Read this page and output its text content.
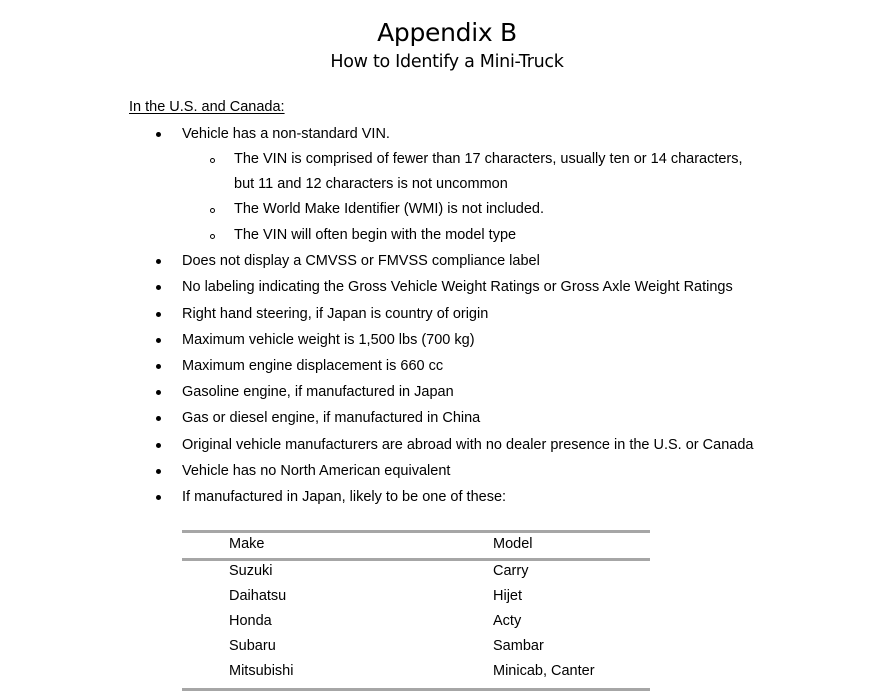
Appendix B
How to Identify a Mini-Truck
In the U.S. and Canada:
Vehicle has a non-standard VIN.
The VIN is comprised of fewer than 17 characters, usually ten or 14 characters,
but 11 and 12 characters is not uncommon
The World Make Identifier (WMI) is not included.
The VIN will often begin with the model type
Does not display a CMVSS or FMVSS compliance label
No labeling indicating the Gross Vehicle Weight Ratings or Gross Axle Weight Ratings
Right hand steering, if Japan is country of origin
Maximum vehicle weight is 1,500 lbs (700 kg)
Maximum engine displacement is 660 cc
Gasoline engine, if manufactured in Japan
Gas or diesel engine, if manufactured in China
Original vehicle manufacturers are abroad with no dealer presence in the U.S. or Canada
Vehicle has no North American equivalent
If manufactured in Japan, likely to be one of these:
Make	Model
Suzuki	Carry
Daihatsu	Hijet
Honda	Acty
Subaru	Sambar
Mitsubishi	Minicab, Canter
